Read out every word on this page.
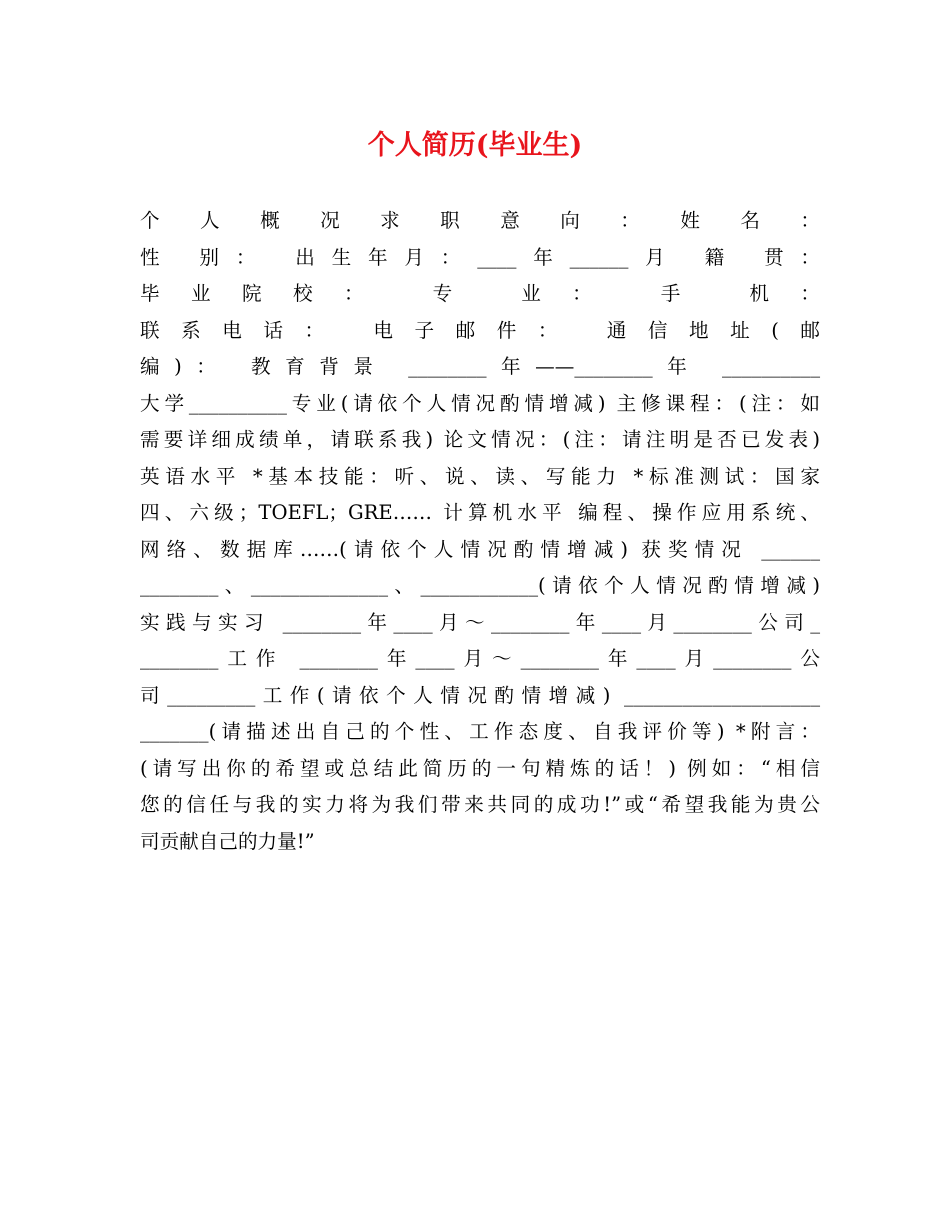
个人简历(毕业生)
个 人 概 况 求 职 意 向 ： 姓 名 ：
性 别： 出生年月：____年______月 籍 贯：
毕业院校： 专 业： 手 机：
联系电话： 电子邮件： 通信地址(邮
编)： 教育背景 ________年——________年 __________
大学__________专业(请依个人情况酌情增减) 主修课程：(注：如
需要详细成绩单，请联系我) 论文情况：(注：请注明是否已发表)
英语水平 *基本技能：听、说、读、写能力 *标准测试：国家
四、六级；TOEFL；GRE…… 计算机水平 编程、操作应用系统、
网络、数据库……(请依个人情况酌情增减) 获奖情况 ______
________、______________、____________(请依个人情况酌情增减)
实践与实习 ________年____月～________年____月________公司_
________工作 ________年____月～________年____月________公
司_________工作(请依个人情况酌情增减) ____________________
_______(请描述出自己的个性、工作态度、自我评价等) *附言：
(请写出你的希望或总结此简历的一句精炼的话！) 例如：“相信
您的信任与我的实力将为我们带来共同的成功!”或“希望我能为贵公
司贡献自己的力量!”
